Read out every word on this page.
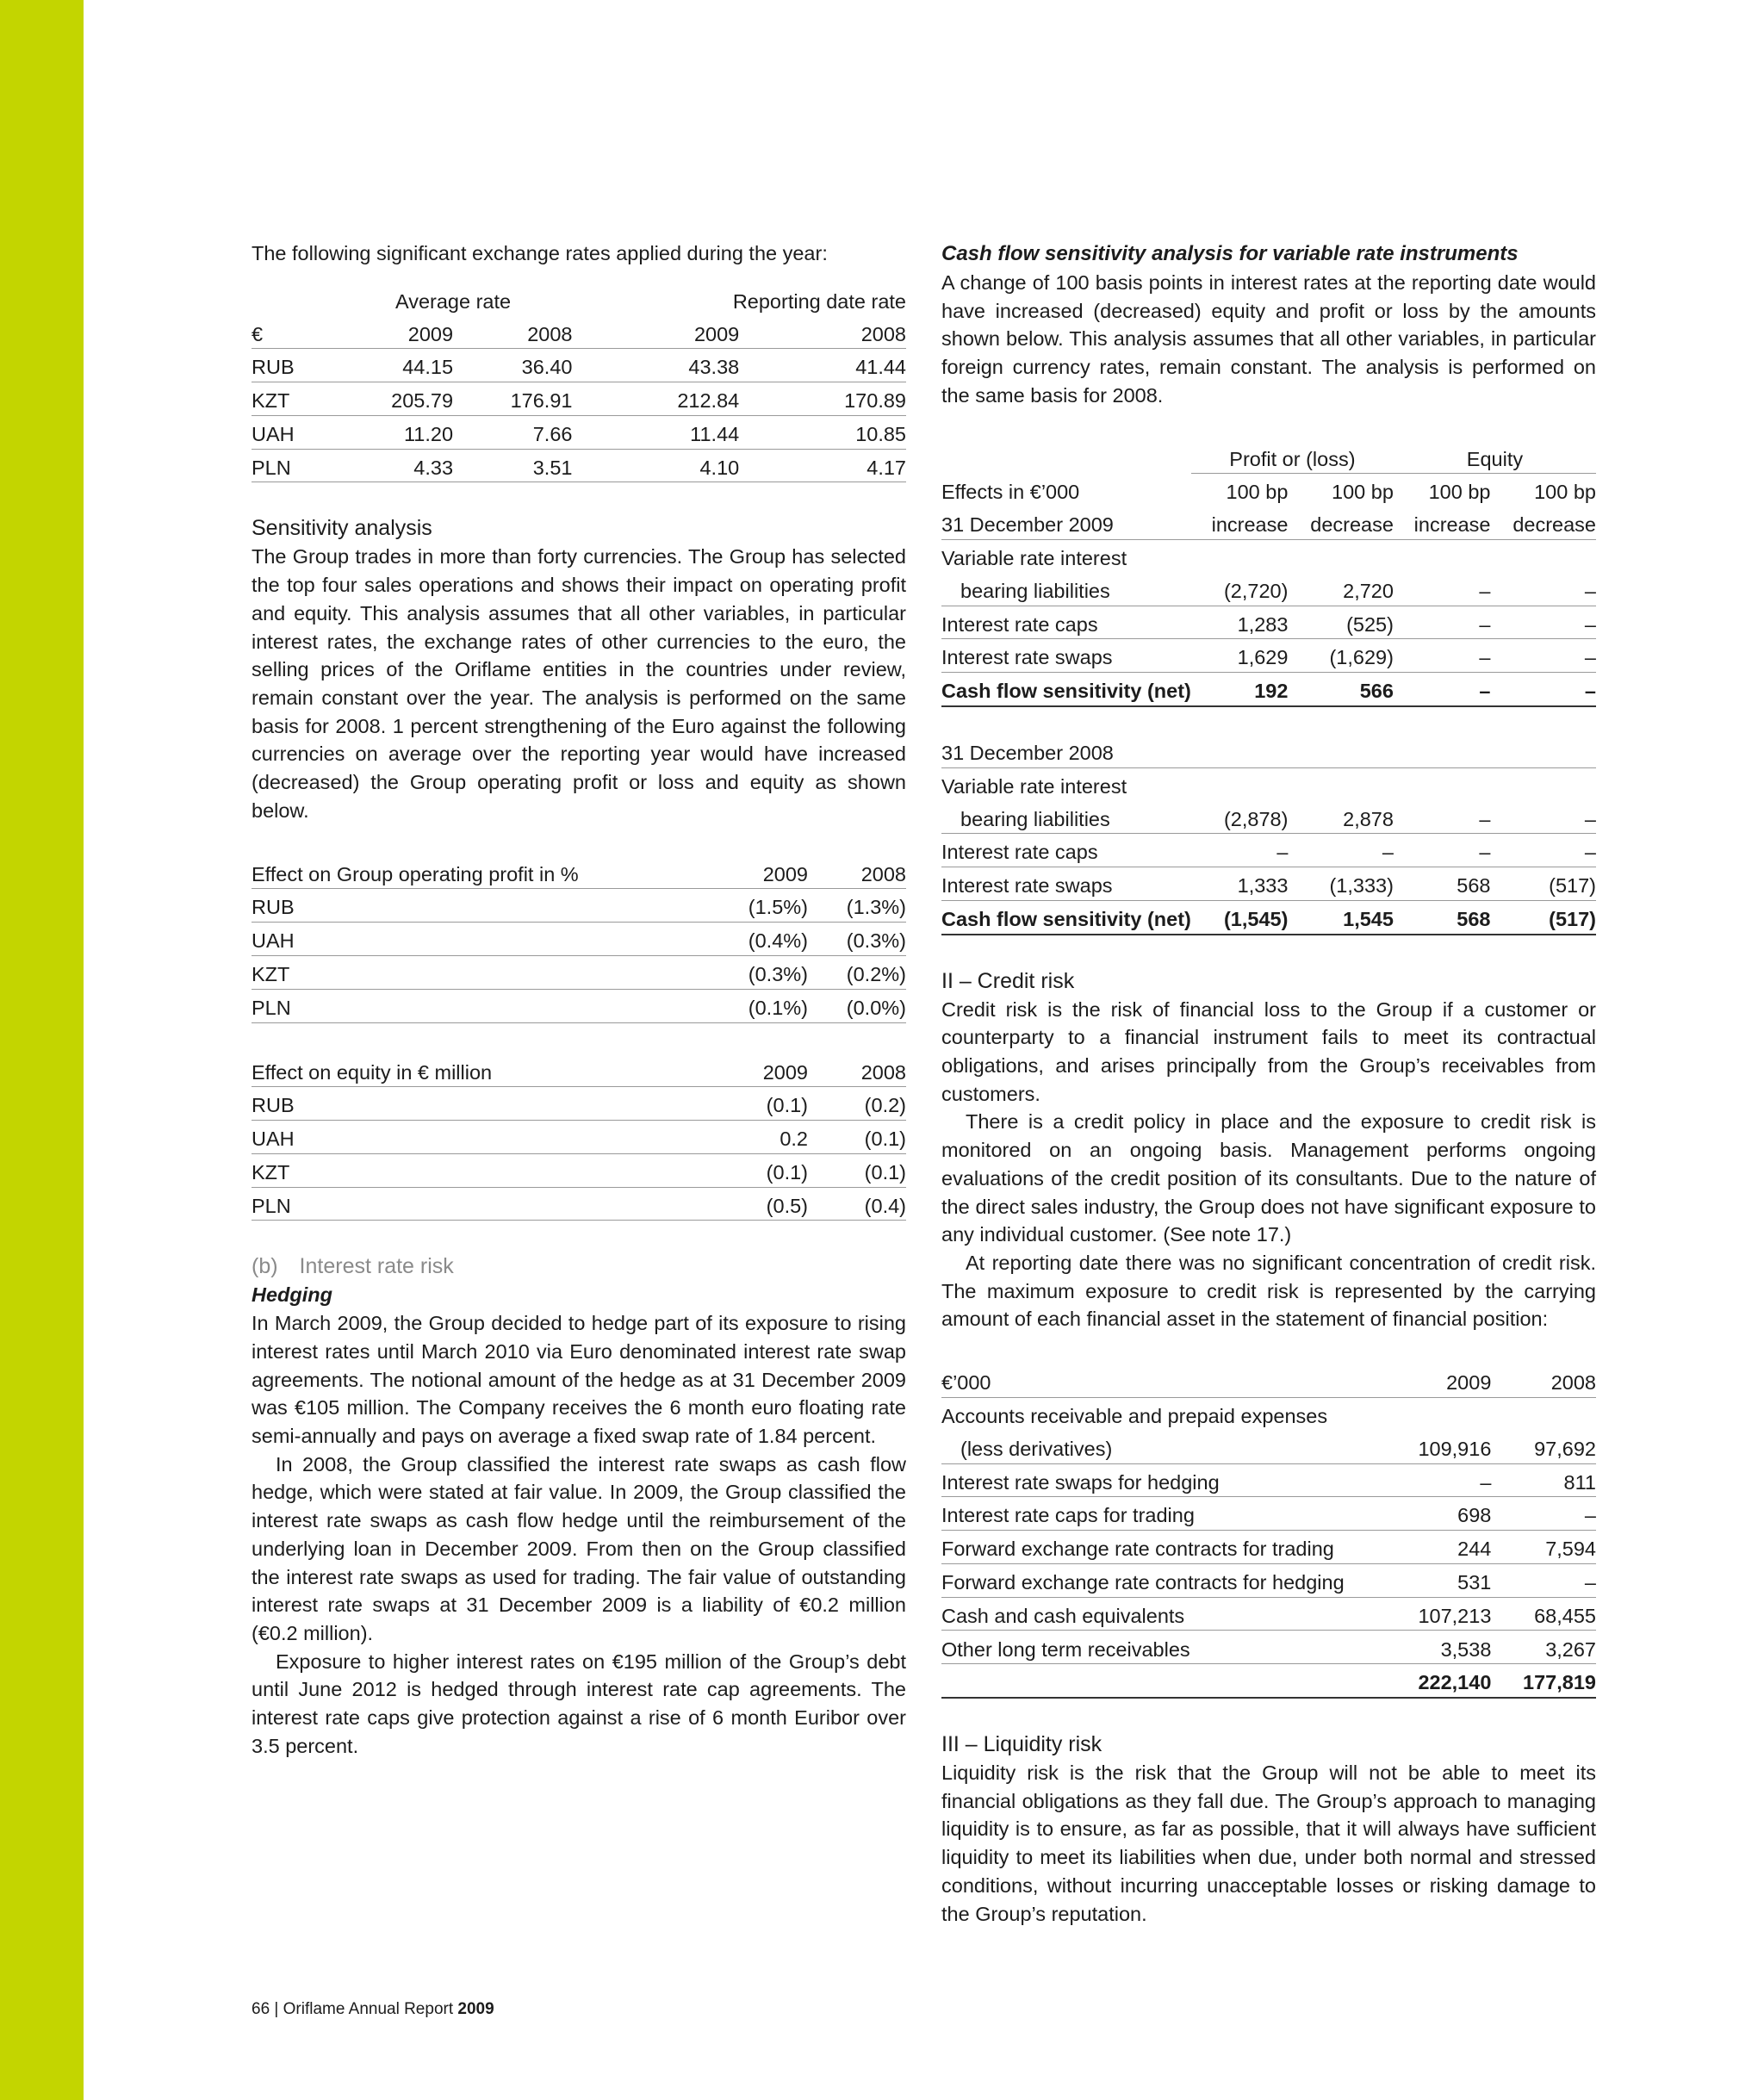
The following significant exchange rates applied during the year:

	Average rate		Reporting date rate	
€	2009	2008	2009	2008
RUB	44.15	36.40	43.38	41.44
KZT	205.79	176.91	212.84	170.89
UAH	11.20	7.66	11.44	10.85
PLN	4.33	3.51	4.10	4.17
Sensitivity analysis

The Group trades in more than forty currencies. The Group has selected the top four sales operations and shows their impact on operating profit and equity. This analysis assumes that all other variables, in particular interest rates, the exchange rates of other currencies to the euro, the selling prices of the Oriflame entities in the countries under review, remain constant over the year. The analysis is performed on the same basis for 2008. 1 percent strengthening of the Euro against the following currencies on average over the reporting year would have increased (decreased) the Group operating profit or loss and equity as shown below.

Effect on Group operating profit in %	2009	2008
RUB	(1.5%)	(1.3%)
UAH	(0.4%)	(0.3%)
KZT	(0.3%)	(0.2%)
PLN	(0.1%)	(0.0%)
Effect on equity in € million	2009	2008
RUB	(0.1)	(0.2)
UAH	0.2	(0.1)
KZT	(0.1)	(0.1)
PLN	(0.5)	(0.4)
(b) Interest rate risk
Hedging

In March 2009, the Group decided to hedge part of its exposure to rising interest rates until March 2010 via Euro denominated interest rate swap agreements. The notional amount of the hedge as at 31 December 2009 was €105 million. The Company receives the 6 month euro floating rate semi-annually and pays on average a fixed swap rate of 1.84 percent.

In 2008, the Group classified the interest rate swaps as cash flow hedge, which were stated at fair value. In 2009, the Group classified the interest rate swaps as cash flow hedge until the reimbursement of the underlying loan in December 2009. From then on the Group classified the interest rate swaps as used for trading. The fair value of outstanding interest rate swaps at 31 December 2009 is a liability of €0.2 million (€0.2 million).

Exposure to higher interest rates on €195 million of the Group’s debt until June 2012 is hedged through interest rate cap agreements. The interest rate caps give protection against a rise of 6 month Euribor over 3.5 percent.

Cash flow sensitivity analysis for variable rate instruments

A change of 100 basis points in interest rates at the reporting date would have increased (decreased) equity and profit or loss by the amounts shown below. This analysis assumes that all other variables, in particular foreign currency rates, remain constant. The analysis is performed on the same basis for 2008.

	Profit or (loss)		Equity	
Effects in €’000	100 bp	100 bp	100 bp	100 bp
31 December 2009	increase	decrease	increase	decrease
Variable rate interest				
bearing liabilities	(2,720)	2,720	–	–
Interest rate caps	1,283	(525)	–	–
Interest rate swaps	1,629	(1,629)	–	–
Cash flow sensitivity (net)	192	566	–	–

31 December 2008				
Variable rate interest				
bearing liabilities	(2,878)	2,878	–	–
Interest rate caps	–	–	–	–
Interest rate swaps	1,333	(1,333)	568	(517)
Cash flow sensitivity (net)	(1,545)	1,545	568	(517)
II – Credit risk

Credit risk is the risk of financial loss to the Group if a customer or counterparty to a financial instrument fails to meet its contractual obligations, and arises principally from the Group’s receivables from customers.

There is a credit policy in place and the exposure to credit risk is monitored on an ongoing basis. Management performs ongoing evaluations of the credit position of its consultants. Due to the nature of the direct sales industry, the Group does not have significant exposure to any individual customer. (See note 17.)

At reporting date there was no significant concentration of credit risk. The maximum exposure to credit risk is represented by the carrying amount of each financial asset in the statement of financial position:

€’000	2009	2008
Accounts receivable and prepaid expenses		
(less derivatives)	109,916	97,692
Interest rate swaps for hedging	–	811
Interest rate caps for trading	698	–
Forward exchange rate contracts for trading	244	7,594
Forward exchange rate contracts for hedging	531	–
Cash and cash equivalents	107,213	68,455
Other long term receivables	3,538	3,267
	222,140	177,819
III – Liquidity risk

Liquidity risk is the risk that the Group will not be able to meet its financial obligations as they fall due. The Group’s approach to managing liquidity is to ensure, as far as possible, that it will always have sufficient liquidity to meet its liabilities when due, under both normal and stressed conditions, without incurring unacceptable losses or risking damage to the Group’s reputation.

66 | Oriflame Annual Report 2009
